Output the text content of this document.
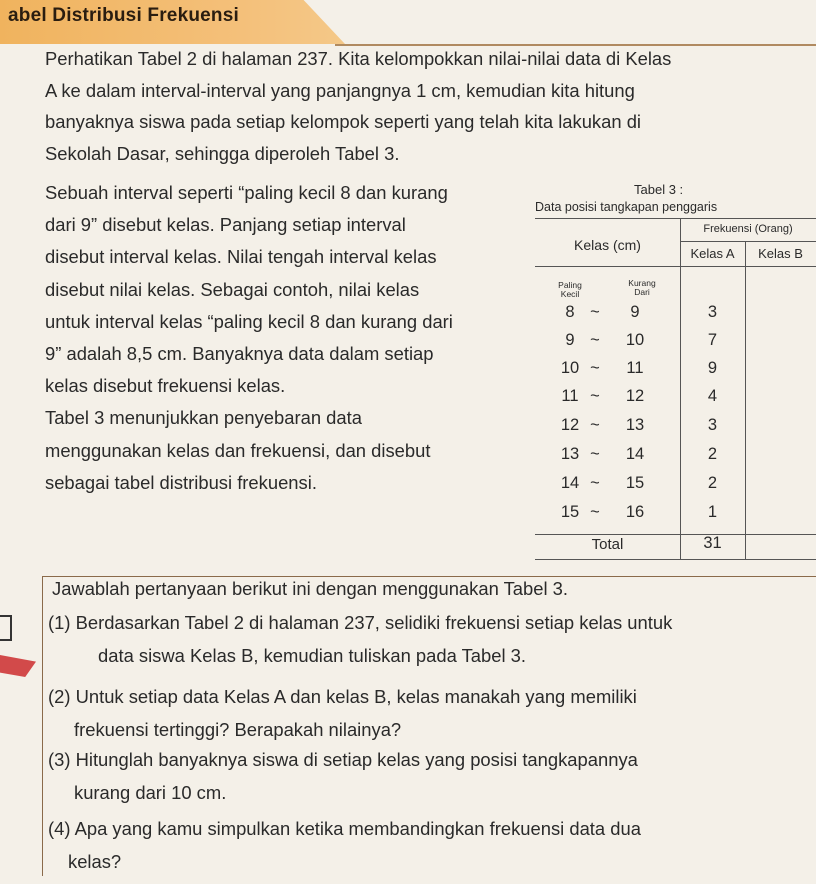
abel Distribusi Frekuensi
Perhatikan Tabel 2 di halaman 237. Kita kelompokkan nilai-nilai data di Kelas
A ke dalam interval-interval yang panjangnya 1 cm, kemudian kita hitung
banyaknya siswa pada setiap kelompok seperti yang telah kita lakukan di
Sekolah Dasar, sehingga diperoleh Tabel 3.
Sebuah interval seperti “paling kecil 8 dan kurang
dari 9” disebut kelas. Panjang setiap interval
disebut interval kelas. Nilai tengah interval kelas
disebut nilai kelas. Sebagai contoh, nilai kelas
untuk interval kelas “paling kecil 8 dan kurang dari
9” adalah 8,5 cm. Banyaknya data dalam setiap
kelas disebut frekuensi kelas.
Tabel 3 menunjukkan penyebaran data
menggunakan kelas dan frekuensi, dan disebut
sebagai tabel distribusi frekuensi.
Tabel 3 :
Data posisi tangkapan penggaris
Kelas (cm)
Frekuensi (Orang)
Kelas A	Kelas B
Paling Kecil
Kurang Dari
8 ~	9	3
9 ~	10	7
10 ~	11	9
11 ~	12	4
12 ~	13	3
13 ~	14	2
14 ~	15	2
15 ~	16	1
Total	31
Jawablah pertanyaan berikut ini dengan menggunakan Tabel 3.
(1) Berdasarkan Tabel 2 di halaman 237, selidiki frekuensi setiap kelas untuk
data siswa Kelas B, kemudian tuliskan pada Tabel 3.
(2) Untuk setiap data Kelas A dan kelas B, kelas manakah yang memiliki
frekuensi tertinggi? Berapakah nilainya?
(3) Hitunglah banyaknya siswa di setiap kelas yang posisi tangkapannya
kurang dari 10 cm.
(4) Apa yang kamu simpulkan ketika membandingkan frekuensi data dua
kelas?
